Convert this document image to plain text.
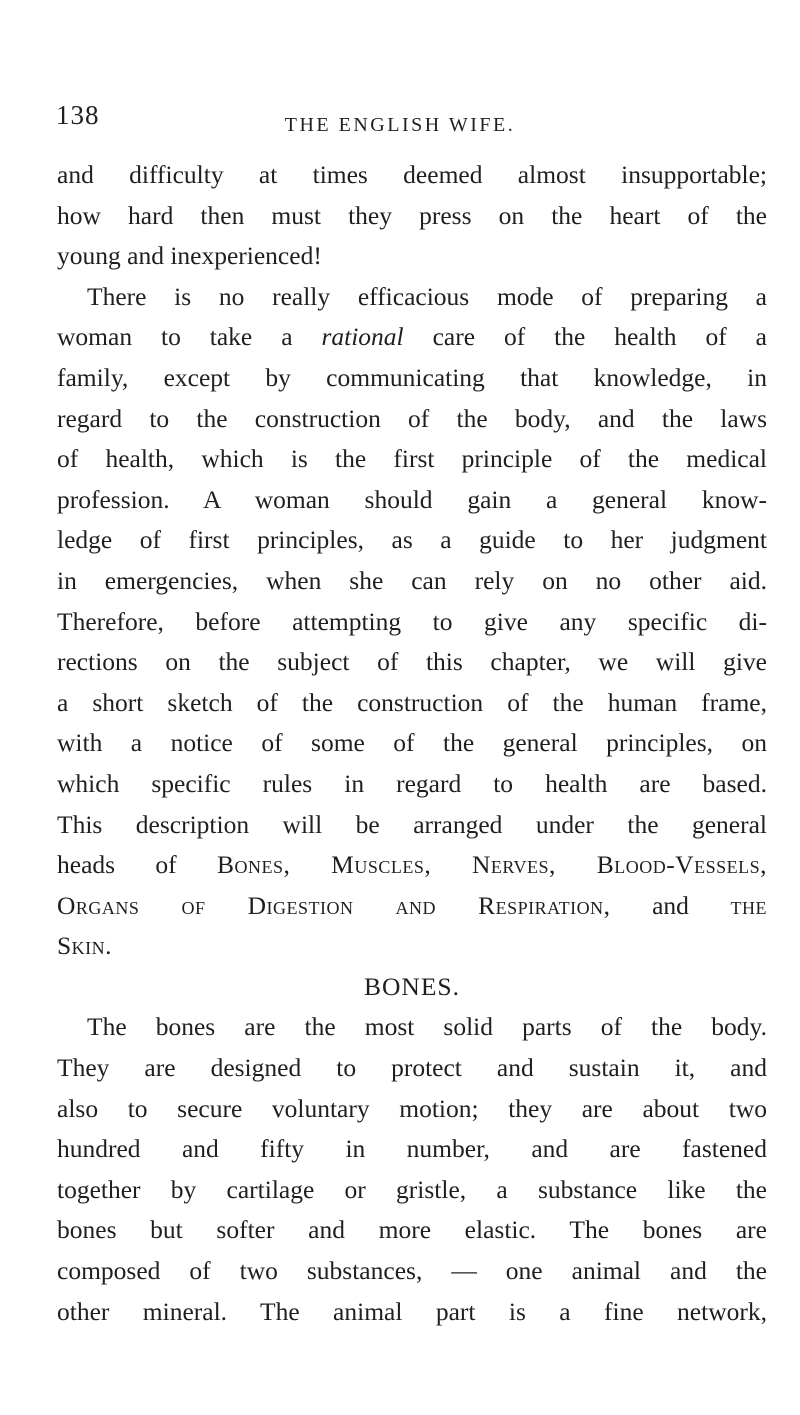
138	THE ENGLISH WIFE.
and difficulty at times deemed almost insupportable;
how hard then must they press on the heart of the
young and inexperienced!
There is no really efficacious mode of preparing a
woman to take a rational care of the health of a
family, except by communicating that knowledge, in
regard to the construction of the body, and the laws
of health, which is the first principle of the medical
profession. A woman should gain a general know-
ledge of first principles, as a guide to her judgment
in emergencies, when she can rely on no other aid.
Therefore, before attempting to give any specific di-
rections on the subject of this chapter, we will give
a short sketch of the construction of the human frame,
with a notice of some of the general principles, on
which specific rules in regard to health are based.
This description will be arranged under the general
heads of Bones, Muscles, Nerves, Blood-Vessels,
Organs of Digestion and Respiration, and the
Skin.
BONES.
The bones are the most solid parts of the body.
They are designed to protect and sustain it, and
also to secure voluntary motion; they are about two
hundred and fifty in number, and are fastened
together by cartilage or gristle, a substance like the
bones but softer and more elastic. The bones are
composed of two substances, — one animal and the
other mineral. The animal part is a fine network,
